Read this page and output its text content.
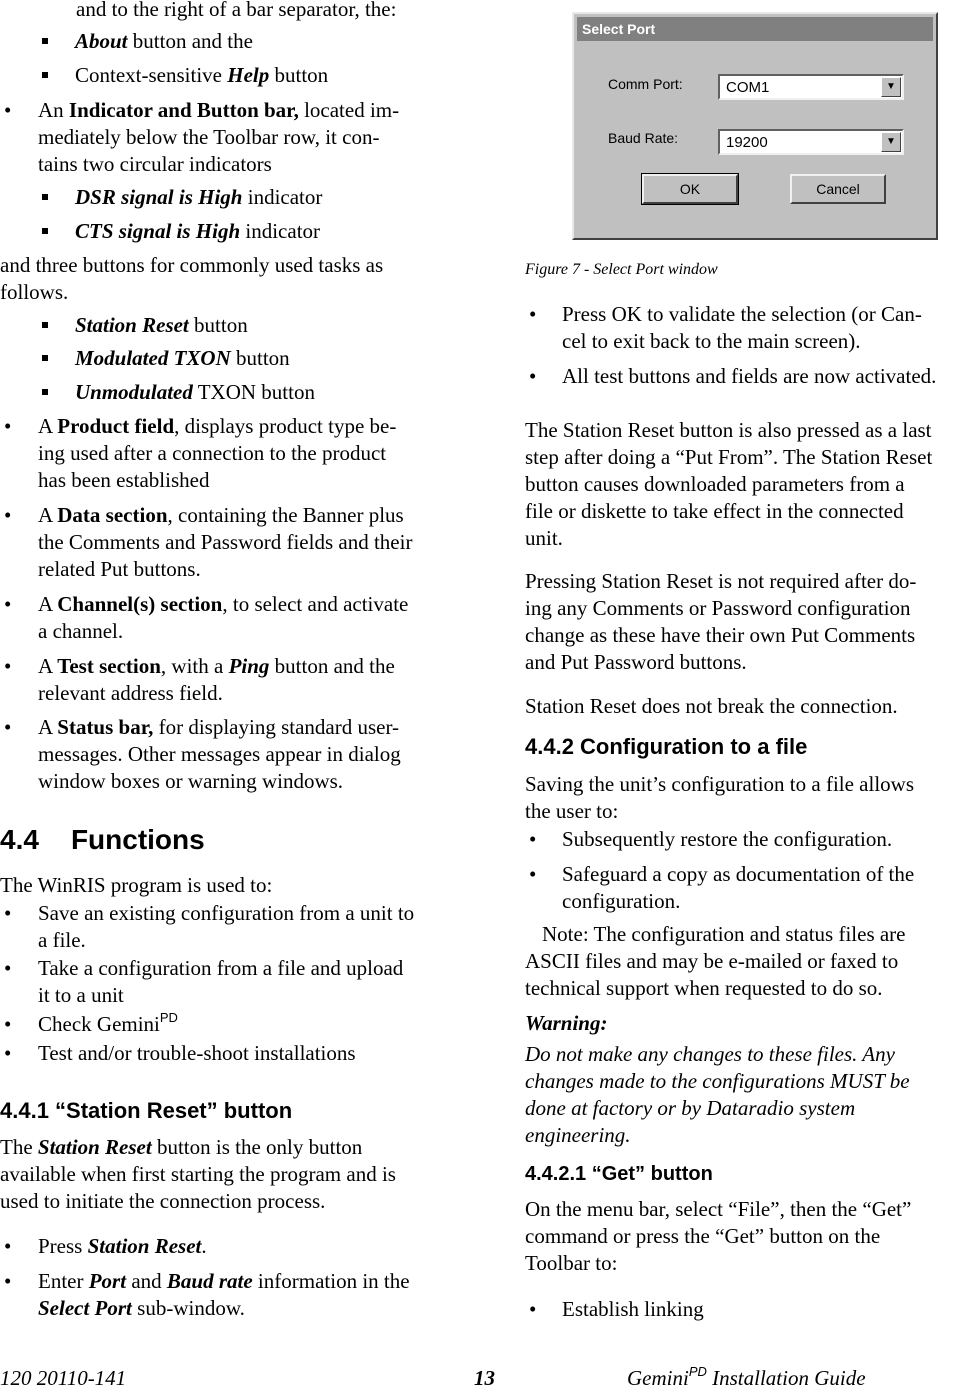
and to the right of a bar separator, the:
About button and the
Context-sensitive Help button
• An Indicator and Button bar, located im-
mediately below the Toolbar row, it con-
tains two circular indicators
DSR signal is High indicator
CTS signal is High indicator
and three buttons for commonly used tasks as
follows.
Station Reset button
Modulated TXON button
Unmodulated TXON button
• A Product field, displays product type be-
ing used after a connection to the product
has been established
• A Data section, containing the Banner plus
the Comments and Password fields and their
related Put buttons.
• A Channel(s) section, to select and activate
a channel.
• A Test section, with a Ping button and the
relevant address field.
• A Status bar, for displaying standard user-
messages. Other messages appear in dialog
window boxes or warning windows.
4.4 Functions
The WinRIS program is used to:
• Save an existing configuration from a unit to
a file.
• Take a configuration from a file and upload
it to a unit
• Check Gemini$^{PD}$
• Test and/or trouble-shoot installations
4.4.1 “Station Reset” button
The Station Reset button is the only button
available when first starting the program and is
used to initiate the connection process.
• Press Station Reset.
• Enter Port and Baud rate information in the
Select Port sub-window.
Select Port
Comm Port:	COM1	▼
Baud Rate:	19200	▼
OK	Cancel
Figure 7 - Select Port window
• Press OK to validate the selection (or Can-
cel to exit back to the main screen).
• All test buttons and fields are now activated.
The Station Reset button is also pressed as a last
step after doing a “Put From”. The Station Reset
button causes downloaded parameters from a
file or diskette to take effect in the connected
unit.
Pressing Station Reset is not required after do-
ing any Comments or Password configuration
change as these have their own Put Comments
and Put Password buttons.
Station Reset does not break the connection.
4.4.2 Configuration to a file
Saving the unit’s configuration to a file allows
the user to:
• Subsequently restore the configuration.
• Safeguard a copy as documentation of the
configuration.
Note: The configuration and status files are
ASCII files and may be e-mailed or faxed to
technical support when requested to do so.
Warning:
Do not make any changes to these files. Any
changes made to the configurations MUST be
done at factory or by Dataradio system
engineering.
4.4.2.1 “Get” button
On the menu bar, select “File”, then the “Get”
command or press the “Get” button on the
Toolbar to:
• Establish linking
120 20110-141	13	Gemini$^{PD}$ Installation Guide
